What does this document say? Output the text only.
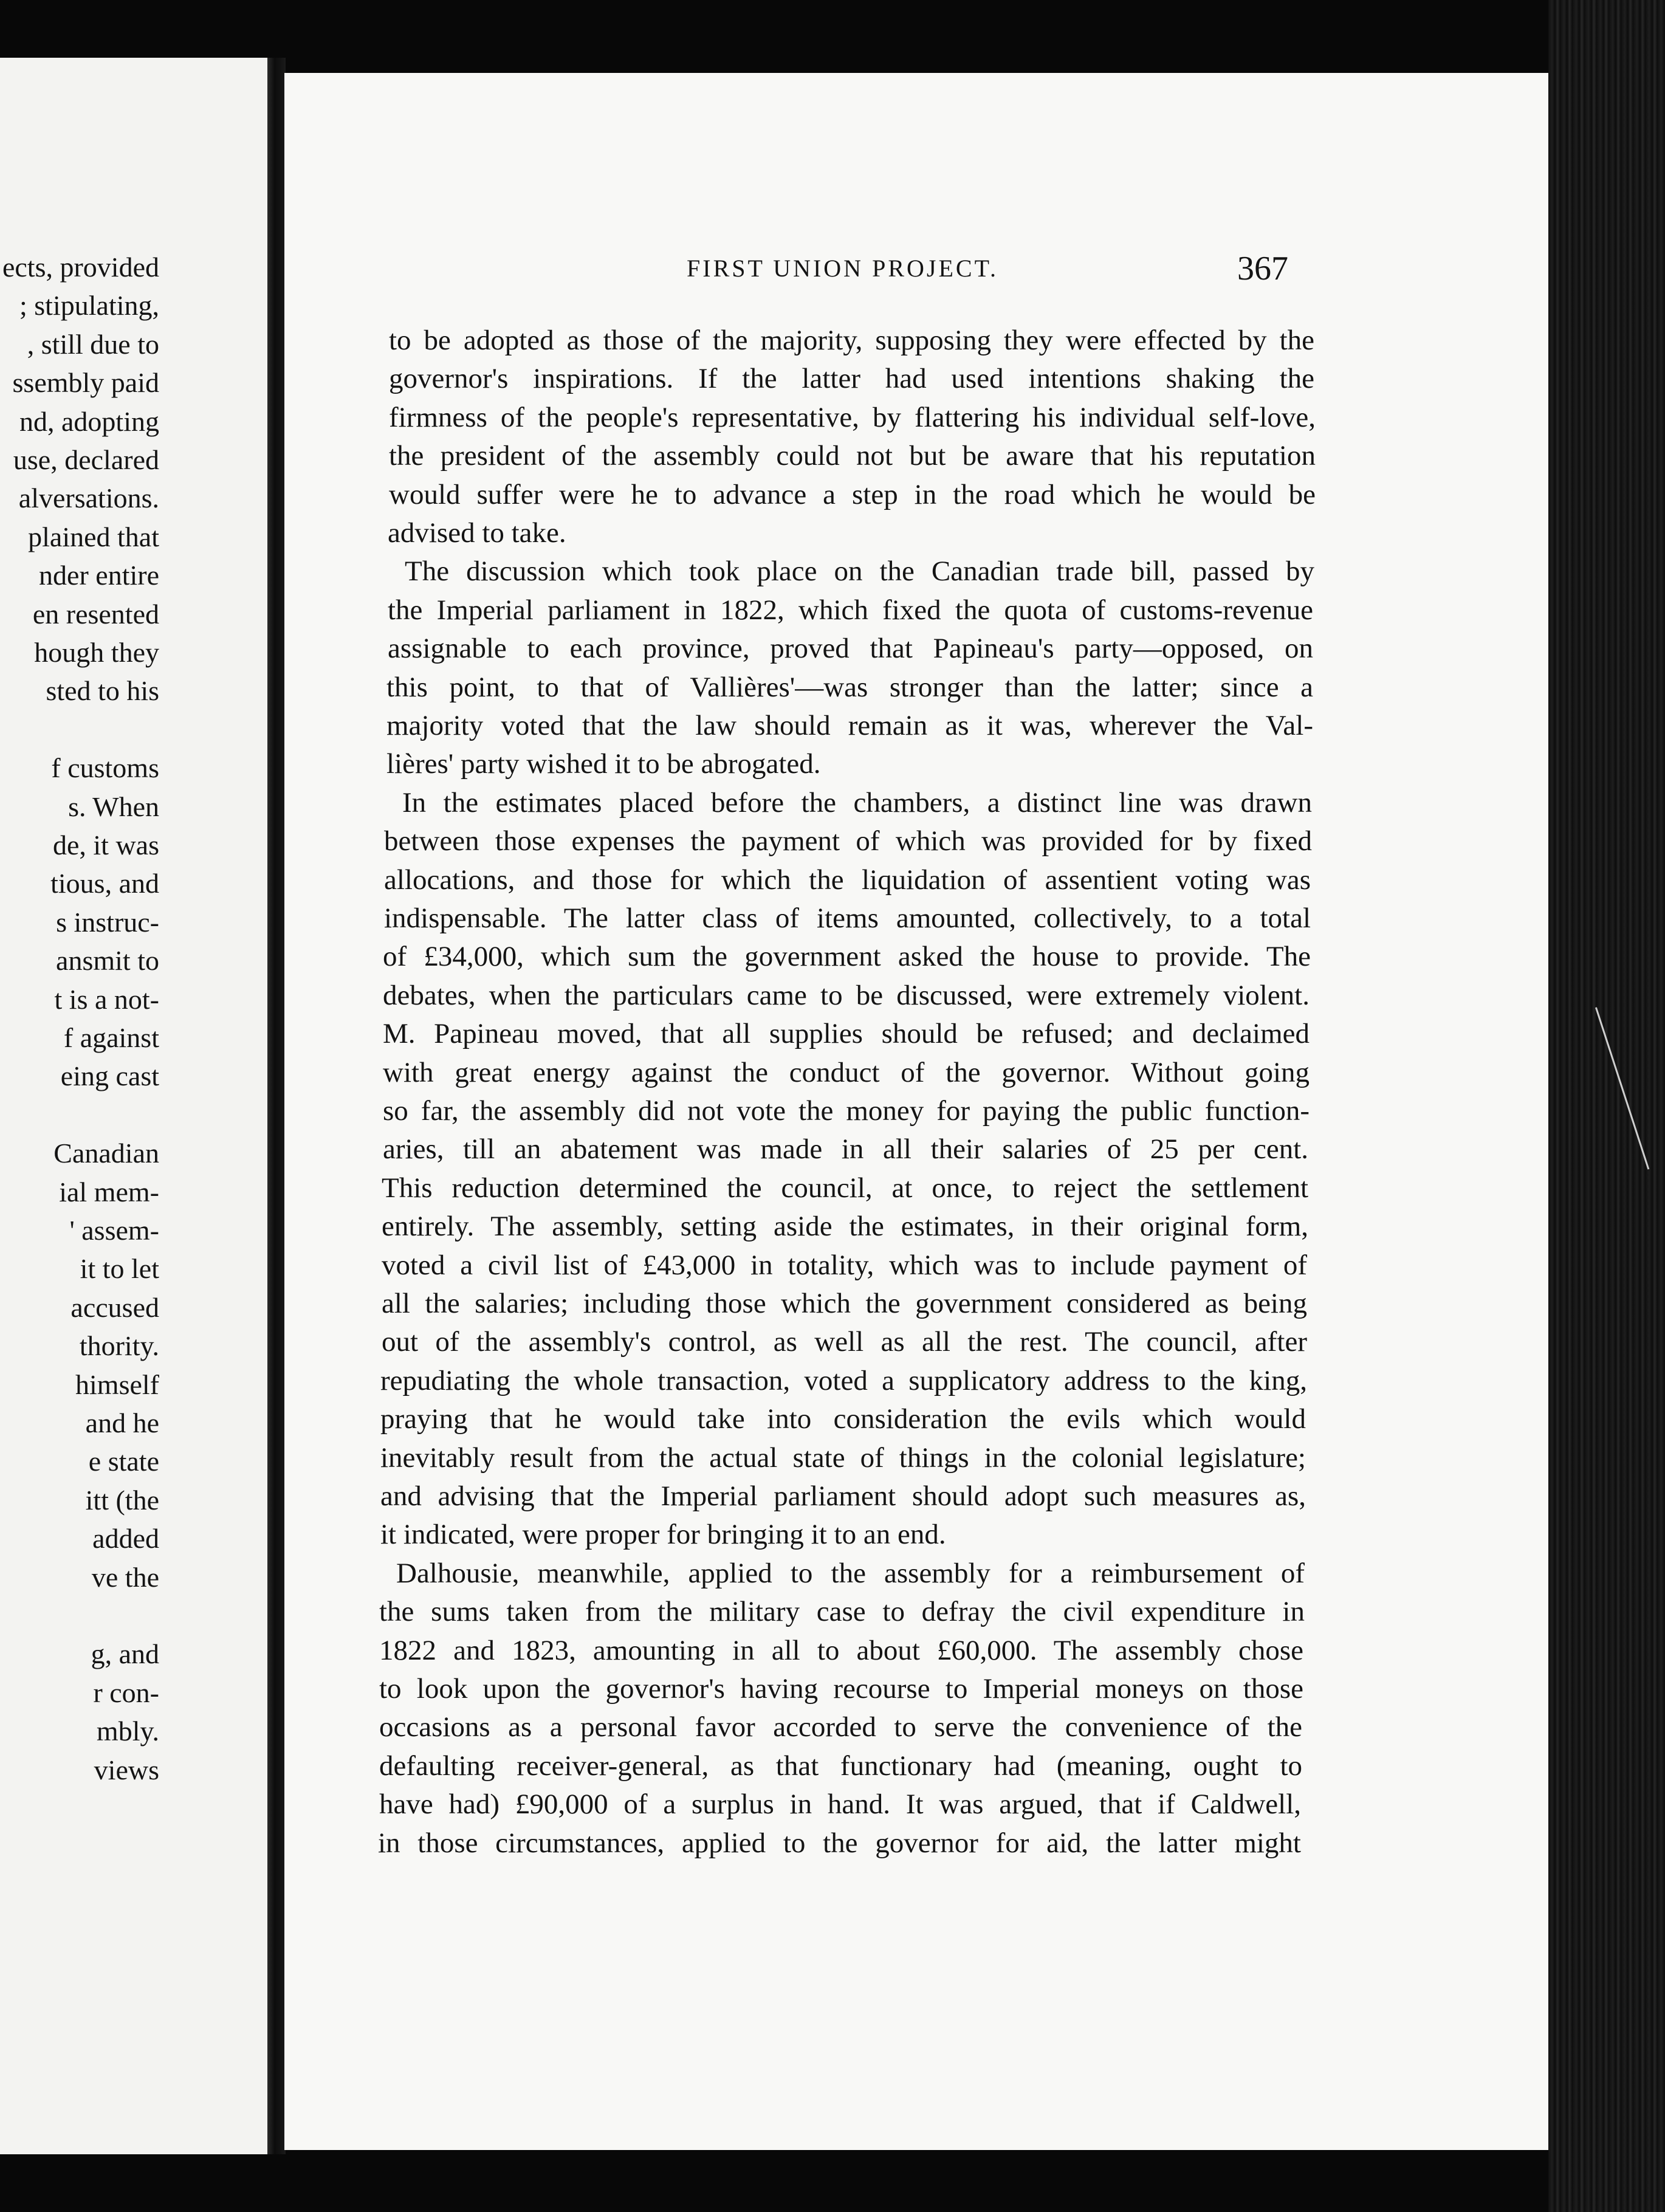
ects, provided
; stipulating,
, still due to
ssembly paid
nd, adopting
use, declared
alversations.
plained that
nder entire
en resented
hough they
sted to his
f customs
s. When
de, it was
tious, and
s instruc-
ansmit to
t is a not-
f against
eing cast
Canadian
ial mem-
' assem-
it to let
accused
thority.
himself
and he
e state
itt (the
added
ve the
g, and
r con-
mbly.
views
FIRST UNION PROJECT.	367
to be adopted as those of the majority, supposing they were effected by the
governor's inspirations. If the latter had used intentions shaking the
firmness of the people's representative, by flattering his individual self-love,
the president of the assembly could not but be aware that his reputation
would suffer were he to advance a step in the road which he would be
advised to take.
The discussion which took place on the Canadian trade bill, passed by
the Imperial parliament in 1822, which fixed the quota of customs-revenue
assignable to each province, proved that Papineau's party—opposed, on
this point, to that of Vallières'—was stronger than the latter; since a
majority voted that the law should remain as it was, wherever the Val-
lières' party wished it to be abrogated.
In the estimates placed before the chambers, a distinct line was drawn
between those expenses the payment of which was provided for by fixed
allocations, and those for which the liquidation of assentient voting was
indispensable. The latter class of items amounted, collectively, to a total
of £34,000, which sum the government asked the house to provide. The
debates, when the particulars came to be discussed, were extremely violent.
M. Papineau moved, that all supplies should be refused; and declaimed
with great energy against the conduct of the governor. Without going
so far, the assembly did not vote the money for paying the public function-
aries, till an abatement was made in all their salaries of 25 per cent.
This reduction determined the council, at once, to reject the settlement
entirely. The assembly, setting aside the estimates, in their original form,
voted a civil list of £43,000 in totality, which was to include payment of
all the salaries; including those which the government considered as being
out of the assembly's control, as well as all the rest. The council, after
repudiating the whole transaction, voted a supplicatory address to the king,
praying that he would take into consideration the evils which would
inevitably result from the actual state of things in the colonial legislature;
and advising that the Imperial parliament should adopt such measures as,
it indicated, were proper for bringing it to an end.
Dalhousie, meanwhile, applied to the assembly for a reimbursement of
the sums taken from the military case to defray the civil expenditure in
1822 and 1823, amounting in all to about £60,000. The assembly chose
to look upon the governor's having recourse to Imperial moneys on those
occasions as a personal favor accorded to serve the convenience of the
defaulting receiver-general, as that functionary had (meaning, ought to
have had) £90,000 of a surplus in hand. It was argued, that if Caldwell,
in those circumstances, applied to the governor for aid, the latter might
